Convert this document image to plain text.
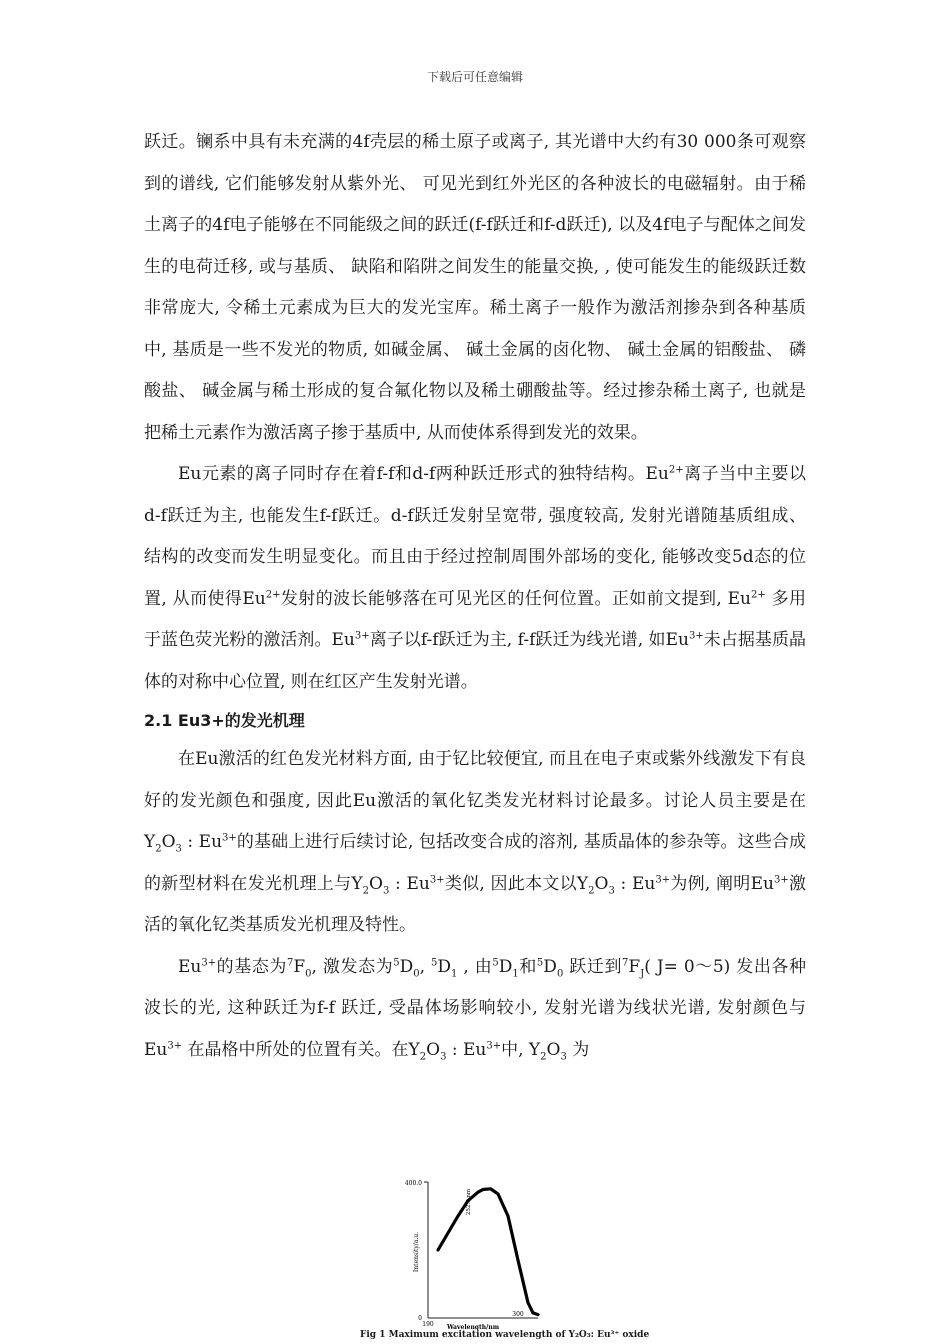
下载后可任意编辑

跃迁。镧系中具有未充满的4f壳层的稀土原子或离子, 其光谱中大约有30 000条可观察到的谱线, 它们能够发射从紫外光、 可见光到红外光区的各种波长的电磁辐射。由于稀土离子的4f电子能够在不同能级之间的跃迁(f-f跃迁和f-d跃迁), 以及4f电子与配体之间发生的电荷迁移, 或与基质、 缺陷和陷阱之间发生的能量交换, , 使可能发生的能级跃迁数非常庞大, 令稀土元素成为巨大的发光宝库。稀土离子一般作为激活剂掺杂到各种基质中, 基质是一些不发光的物质, 如碱金属、 碱土金属的卤化物、 碱土金属的铝酸盐、 磷酸盐、 碱金属与稀土形成的复合氟化物以及稀土硼酸盐等。经过掺杂稀土离子, 也就是把稀土元素作为激活离子掺于基质中, 从而使体系得到发光的效果。

Eu元素的离子同时存在着f-f和d-f两种跃迁形式的独特结构。$Eu^{2+}$离子当中主要以d-f跃迁为主, 也能发生f-f跃迁。d-f跃迁发射呈宽带, 强度较高, 发射光谱随基质组成、 结构的改变而发生明显变化。而且由于经过控制周围外部场的变化, 能够改变5d态的位置, 从而使得$Eu^{2+}$发射的波长能够落在可见光区的任何位置。正如前文提到, $Eu^{2+}$ 多用于蓝色荧光粉的激活剂。$Eu^{3+}$离子以f-f跃迁为主, f-f跃迁为线光谱, 如$Eu^{3+}$未占据基质晶体的对称中心位置, 则在红区产生发射光谱。

2.1 Eu3+的发光机理

在Eu激活的红色发光材料方面, 由于钇比较便宜, 而且在电子束或紫外线激发下有良好的发光颜色和强度, 因此Eu激活的氧化钇类发光材料讨论最多。讨论人员主要是在$Y_2O_3$ : $Eu^{3+}$的基础上进行后续讨论, 包括改变合成的溶剂, 基质晶体的参杂等。这些合成的新型材料在发光机理上与$Y_2O_3$ : $Eu^{3+}$类似, 因此本文以$Y_2O_3$ : $Eu^{3+}$为例, 阐明$Eu^{3+}$激活的氧化钇类基质发光机理及特性。

$Eu^{3+}$的基态为$^7F_0$, 激发态为$^5D_0$, $^5D_1$ , 由$^5D_1$和$^5D_0$ 跃迁到$^7F_J$( J= 0～5) 发出各种波长的光, 这种跃迁为f-f 跃迁, 受晶体场影响较小, 发射光谱为线状光谱, 发射颜色与$Eu^{3+}$ 在晶格中所处的位置有关。在$Y_2O_3$ : $Eu^{3+}$中, $Y_2O_3$ 为

400.0
0
190
300
Wavelength/nm
Intensity/a.u.
252.6 nm
Fig 1 Maximum excitation wavelength of Y₂O₃: Eu³⁺ oxide
